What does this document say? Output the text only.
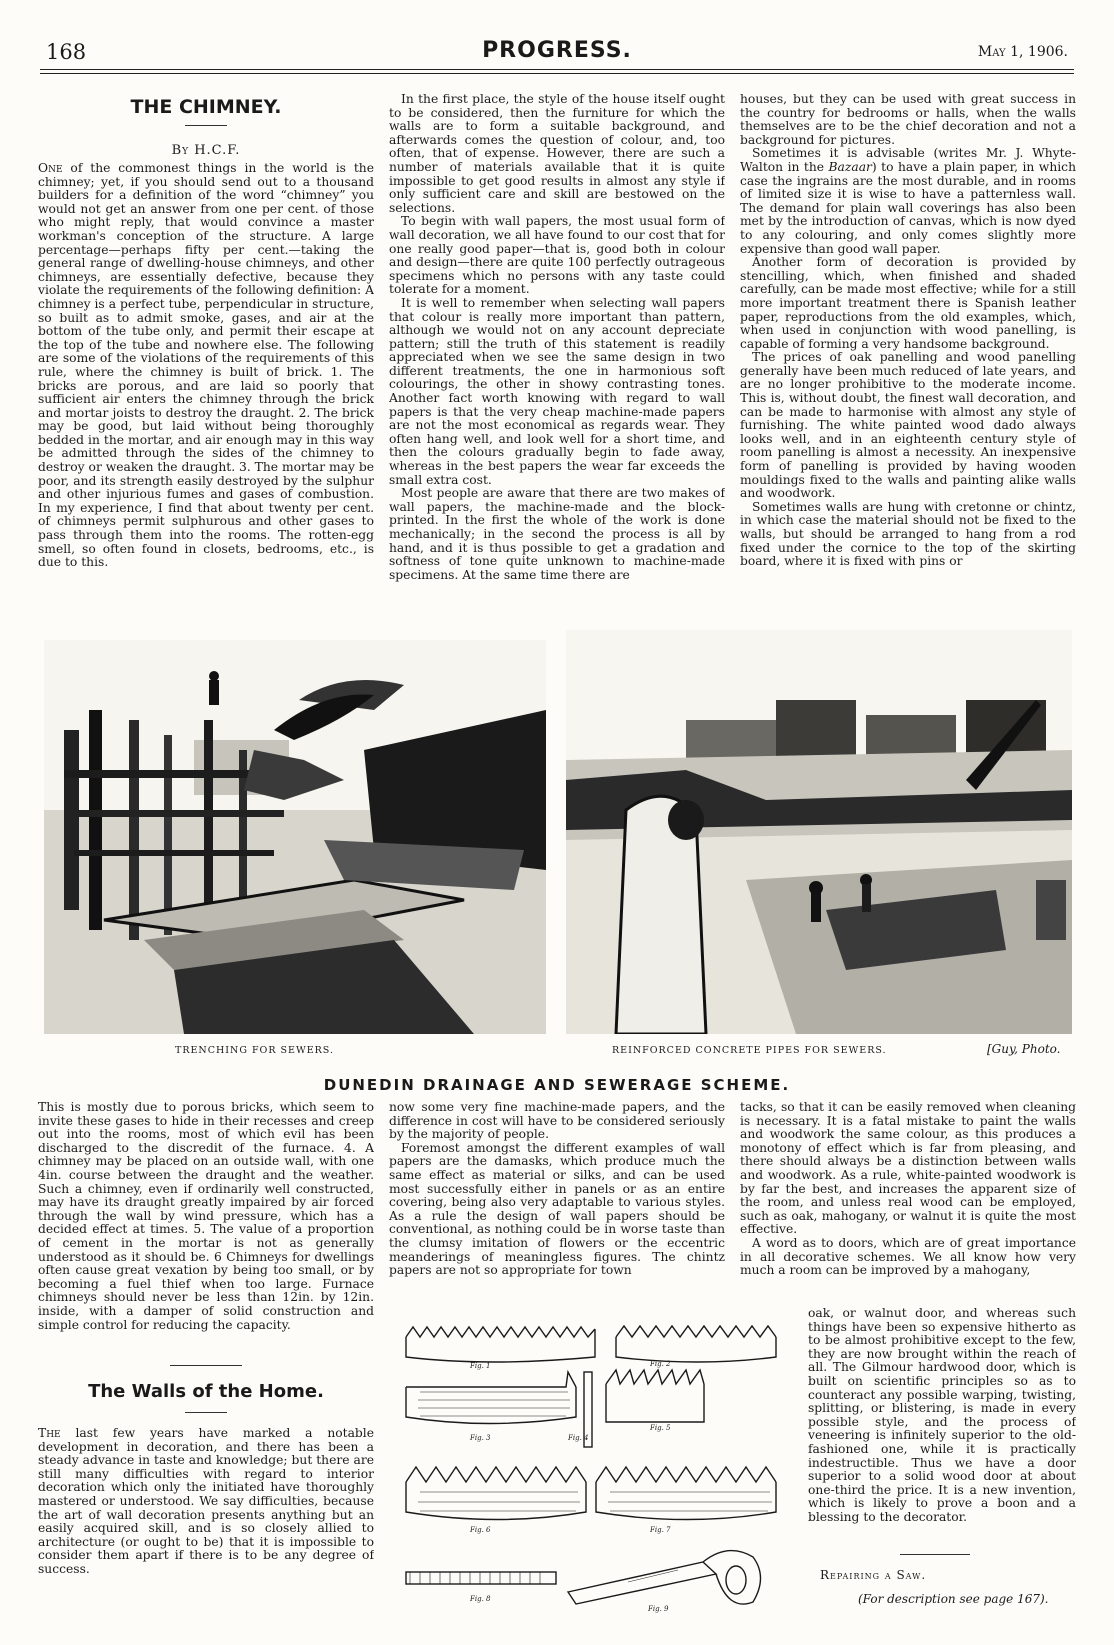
168	PROGRESS.	May 1, 1906.
THE CHIMNEY.
By H.C.F.

One of the commonest things in the world is the chimney; yet, if you should send out to a thousand builders for a definition of the word “chimney” you would not get an answer from one per cent. of those who might reply, that would convince a master workman's conception of the structure. A large percentage—perhaps fifty per cent.—taking the general range of dwelling-house chimneys, and other chimneys, are essentially defective, because they violate the requirements of the following definition: A chimney is a perfect tube, perpendicular in structure, so built as to admit smoke, gases, and air at the bottom of the tube only, and permit their escape at the top of the tube and nowhere else. The following are some of the violations of the requirements of this rule, where the chimney is built of brick. 1. The bricks are porous, and are laid so poorly that sufficient air enters the chimney through the brick and mortar joists to destroy the draught. 2. The brick may be good, but laid without being thoroughly bedded in the mortar, and air enough may in this way be admitted through the sides of the chimney to destroy or weaken the draught. 3. The mortar may be poor, and its strength easily destroyed by the sulphur and other injurious fumes and gases of combustion. In my experience, I find that about twenty per cent. of chimneys permit sulphurous and other gases to pass through them into the rooms. The rotten-egg smell, so often found in closets, bedrooms, etc., is due to this.

In the first place, the style of the house itself ought to be considered, then the furniture for which the walls are to form a suitable background, and afterwards comes the question of colour, and, too often, that of expense. However, there are such a number of materials available that it is quite impossible to get good results in almost any style if only sufficient care and skill are bestowed on the selections.

To begin with wall papers, the most usual form of wall decoration, we all have found to our cost that for one really good paper—that is, good both in colour and design—there are quite 100 perfectly outrageous specimens which no persons with any taste could tolerate for a moment.

It is well to remember when selecting wall papers that colour is really more important than pattern, although we would not on any account depreciate pattern; still the truth of this statement is readily appreciated when we see the same design in two different treatments, the one in harmonious soft colourings, the other in showy contrasting tones. Another fact worth knowing with regard to wall papers is that the very cheap machine-made papers are not the most economical as regards wear. They often hang well, and look well for a short time, and then the colours gradually begin to fade away, whereas in the best papers the wear far exceeds the small extra cost.

Most people are aware that there are two makes of wall papers, the machine-made and the block-printed. In the first the whole of the work is done mechanically; in the second the process is all by hand, and it is thus possible to get a gradation and softness of tone quite unknown to machine-made specimens. At the same time there are

houses, but they can be used with great success in the country for bedrooms or halls, when the walls themselves are to be the chief decoration and not a background for pictures.

Sometimes it is advisable (writes Mr. J. Whyte-Walton in the Bazaar) to have a plain paper, in which case the ingrains are the most durable, and in rooms of limited size it is wise to have a patternless wall. The demand for plain wall coverings has also been met by the introduction of canvas, which is now dyed to any colouring, and only comes slightly more expensive than good wall paper.

Another form of decoration is provided by stencilling, which, when finished and shaded carefully, can be made most effective; while for a still more important treatment there is Spanish leather paper, reproductions from the old examples, which, when used in conjunction with wood panelling, is capable of forming a very handsome background.

The prices of oak panelling and wood panelling generally have been much reduced of late years, and are no longer prohibitive to the moderate income. This is, without doubt, the finest wall decoration, and can be made to harmonise with almost any style of furnishing. The white painted wood dado always looks well, and in an eighteenth century style of room panelling is almost a necessity. An inexpensive form of panelling is provided by having wooden mouldings fixed to the walls and painting alike walls and woodwork.

Sometimes walls are hung with cretonne or chintz, in which case the material should not be fixed to the walls, but should be arranged to hang from a rod fixed under the cornice to the top of the skirting board, where it is fixed with pins or

TRENCHING FOR SEWERS.	REINFORCED CONCRETE PIPES FOR SEWERS.	[Guy, Photo.
DUNEDIN DRAINAGE AND SEWERAGE SCHEME.

This is mostly due to porous bricks, which seem to invite these gases to hide in their recesses and creep out into the rooms, most of which evil has been discharged to the discredit of the furnace. 4. A chimney may be placed on an outside wall, with one 4in. course between the draught and the weather. Such a chimney, even if ordinarily well constructed, may have its draught greatly impaired by air forced through the wall by wind pressure, which has a decided effect at times. 5. The value of a proportion of cement in the mortar is not as generally understood as it should be. 6 Chimneys for dwellings often cause great vexation by being too small, or by becoming a fuel thief when too large. Furnace chimneys should never be less than 12in. by 12in. inside, with a damper of solid construction and simple control for reducing the capacity.

The Walls of the Home.

The last few years have marked a notable development in decoration, and there has been a steady advance in taste and knowledge; but there are still many difficulties with regard to interior decoration which only the initiated have thoroughly mastered or understood. We say difficulties, because the art of wall decoration presents anything but an easily acquired skill, and is so closely allied to architecture (or ought to be) that it is impossible to consider them apart if there is to be any degree of success.

now some very fine machine-made papers, and the difference in cost will have to be considered seriously by the majority of people.

Foremost amongst the different examples of wall papers are the damasks, which produce much the same effect as material or silks, and can be used most successfully either in panels or as an entire covering, being also very adaptable to various styles. As a rule the design of wall papers should be conventional, as nothing could be in worse taste than the clumsy imitation of flowers or the eccentric meanderings of meaningless figures. The chintz papers are not so appropriate for town

tacks, so that it can be easily removed when cleaning is necessary. It is a fatal mistake to paint the walls and woodwork the same colour, as this produces a monotony of effect which is far from pleasing, and there should always be a distinction between walls and woodwork. As a rule, white-painted woodwork is by far the best, and increases the apparent size of the room, and unless real wood can be employed, such as oak, mahogany, or walnut it is quite the most effective.

A word as to doors, which are of great importance in all decorative schemes. We all know how very much a room can be improved by a mahogany,

oak, or walnut door, and whereas such things have been so expensive hitherto as to be almost prohibitive except to the few, they are now brought within the reach of all. The Gilmour hardwood door, which is built on scientific principles so as to counteract any possible warping, twisting, splitting, or blistering, is made in every possible style, and the process of veneering is infinitely superior to the old-fashioned one, while it is practically indestructible. Thus we have a door superior to a solid wood door at about one-third the price. It is a new invention, which is likely to prove a boon and a blessing to the decorator.

Fig. 1	Fig. 2
Fig. 3	Fig. 4
Fig. 5
Fig. 6	Fig. 7
Fig. 8
Fig. 9
Repairing a Saw.
(For description see page 167).
